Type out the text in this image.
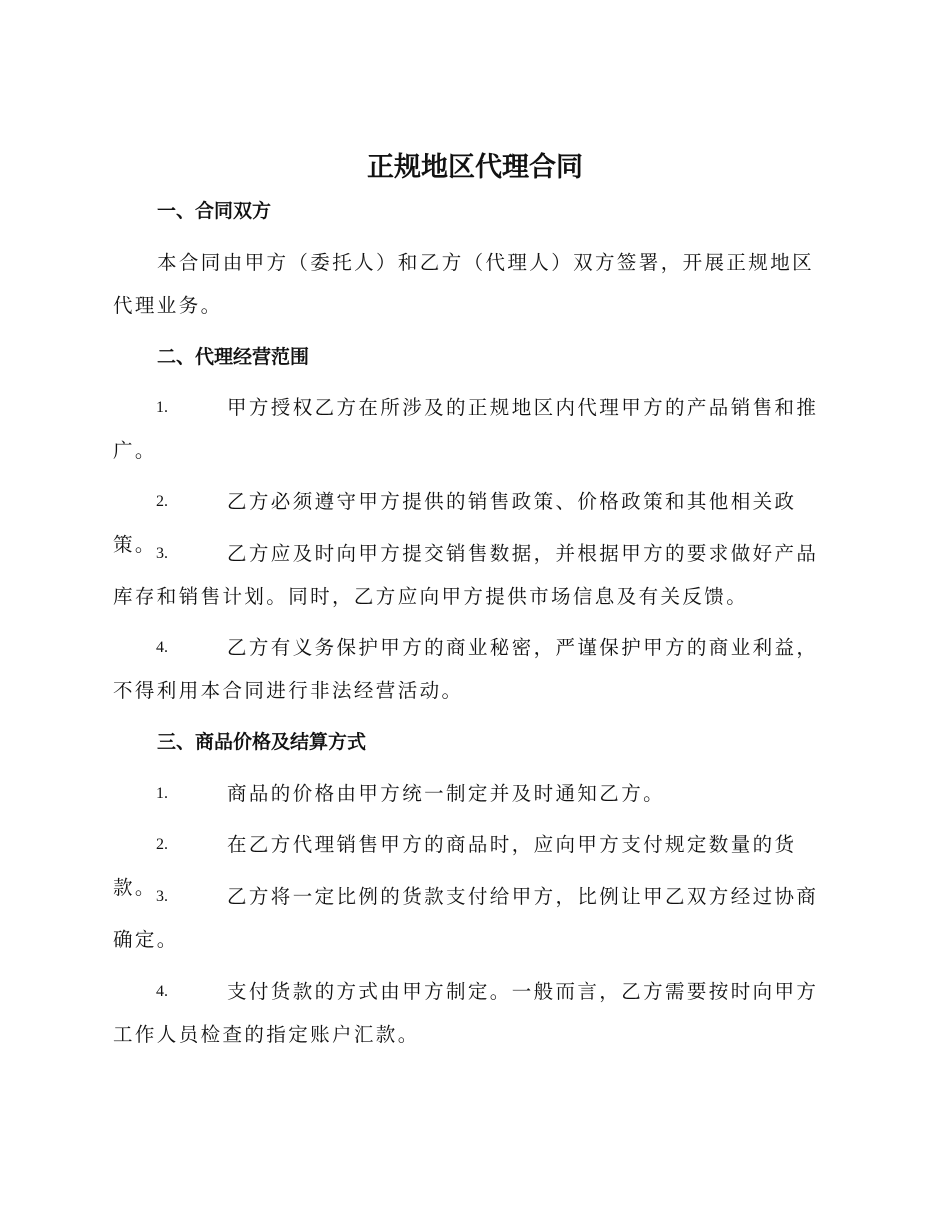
正规地区代理合同
一、合同双方

本合同由甲方（委托人）和乙方（代理人）双方签署，开展正规地区代理业务。

二、代理经营范围
1.	甲方授权乙方在所涉及的正规地区内代理甲方的产品销售和推广。
2.	乙方必须遵守甲方提供的销售政策、价格政策和其他相关政策。 3.	乙方应及时向甲方提交销售数据，并根据甲方的要求做好产品库存和销售计划。同时，乙方应向甲方提供市场信息及有关反馈。
4.	乙方有义务保护甲方的商业秘密，严谨保护甲方的商业利益，不得利用本合同进行非法经营活动。
三、商品价格及结算方式
1.	商品的价格由甲方统一制定并及时通知乙方。
2.	在乙方代理销售甲方的商品时，应向甲方支付规定数量的货款。 3.	乙方将一定比例的货款支付给甲方，比例让甲乙双方经过协商确定。
4.	支付货款的方式由甲方制定。一般而言，乙方需要按时向甲方工作人员检查的指定账户汇款。
